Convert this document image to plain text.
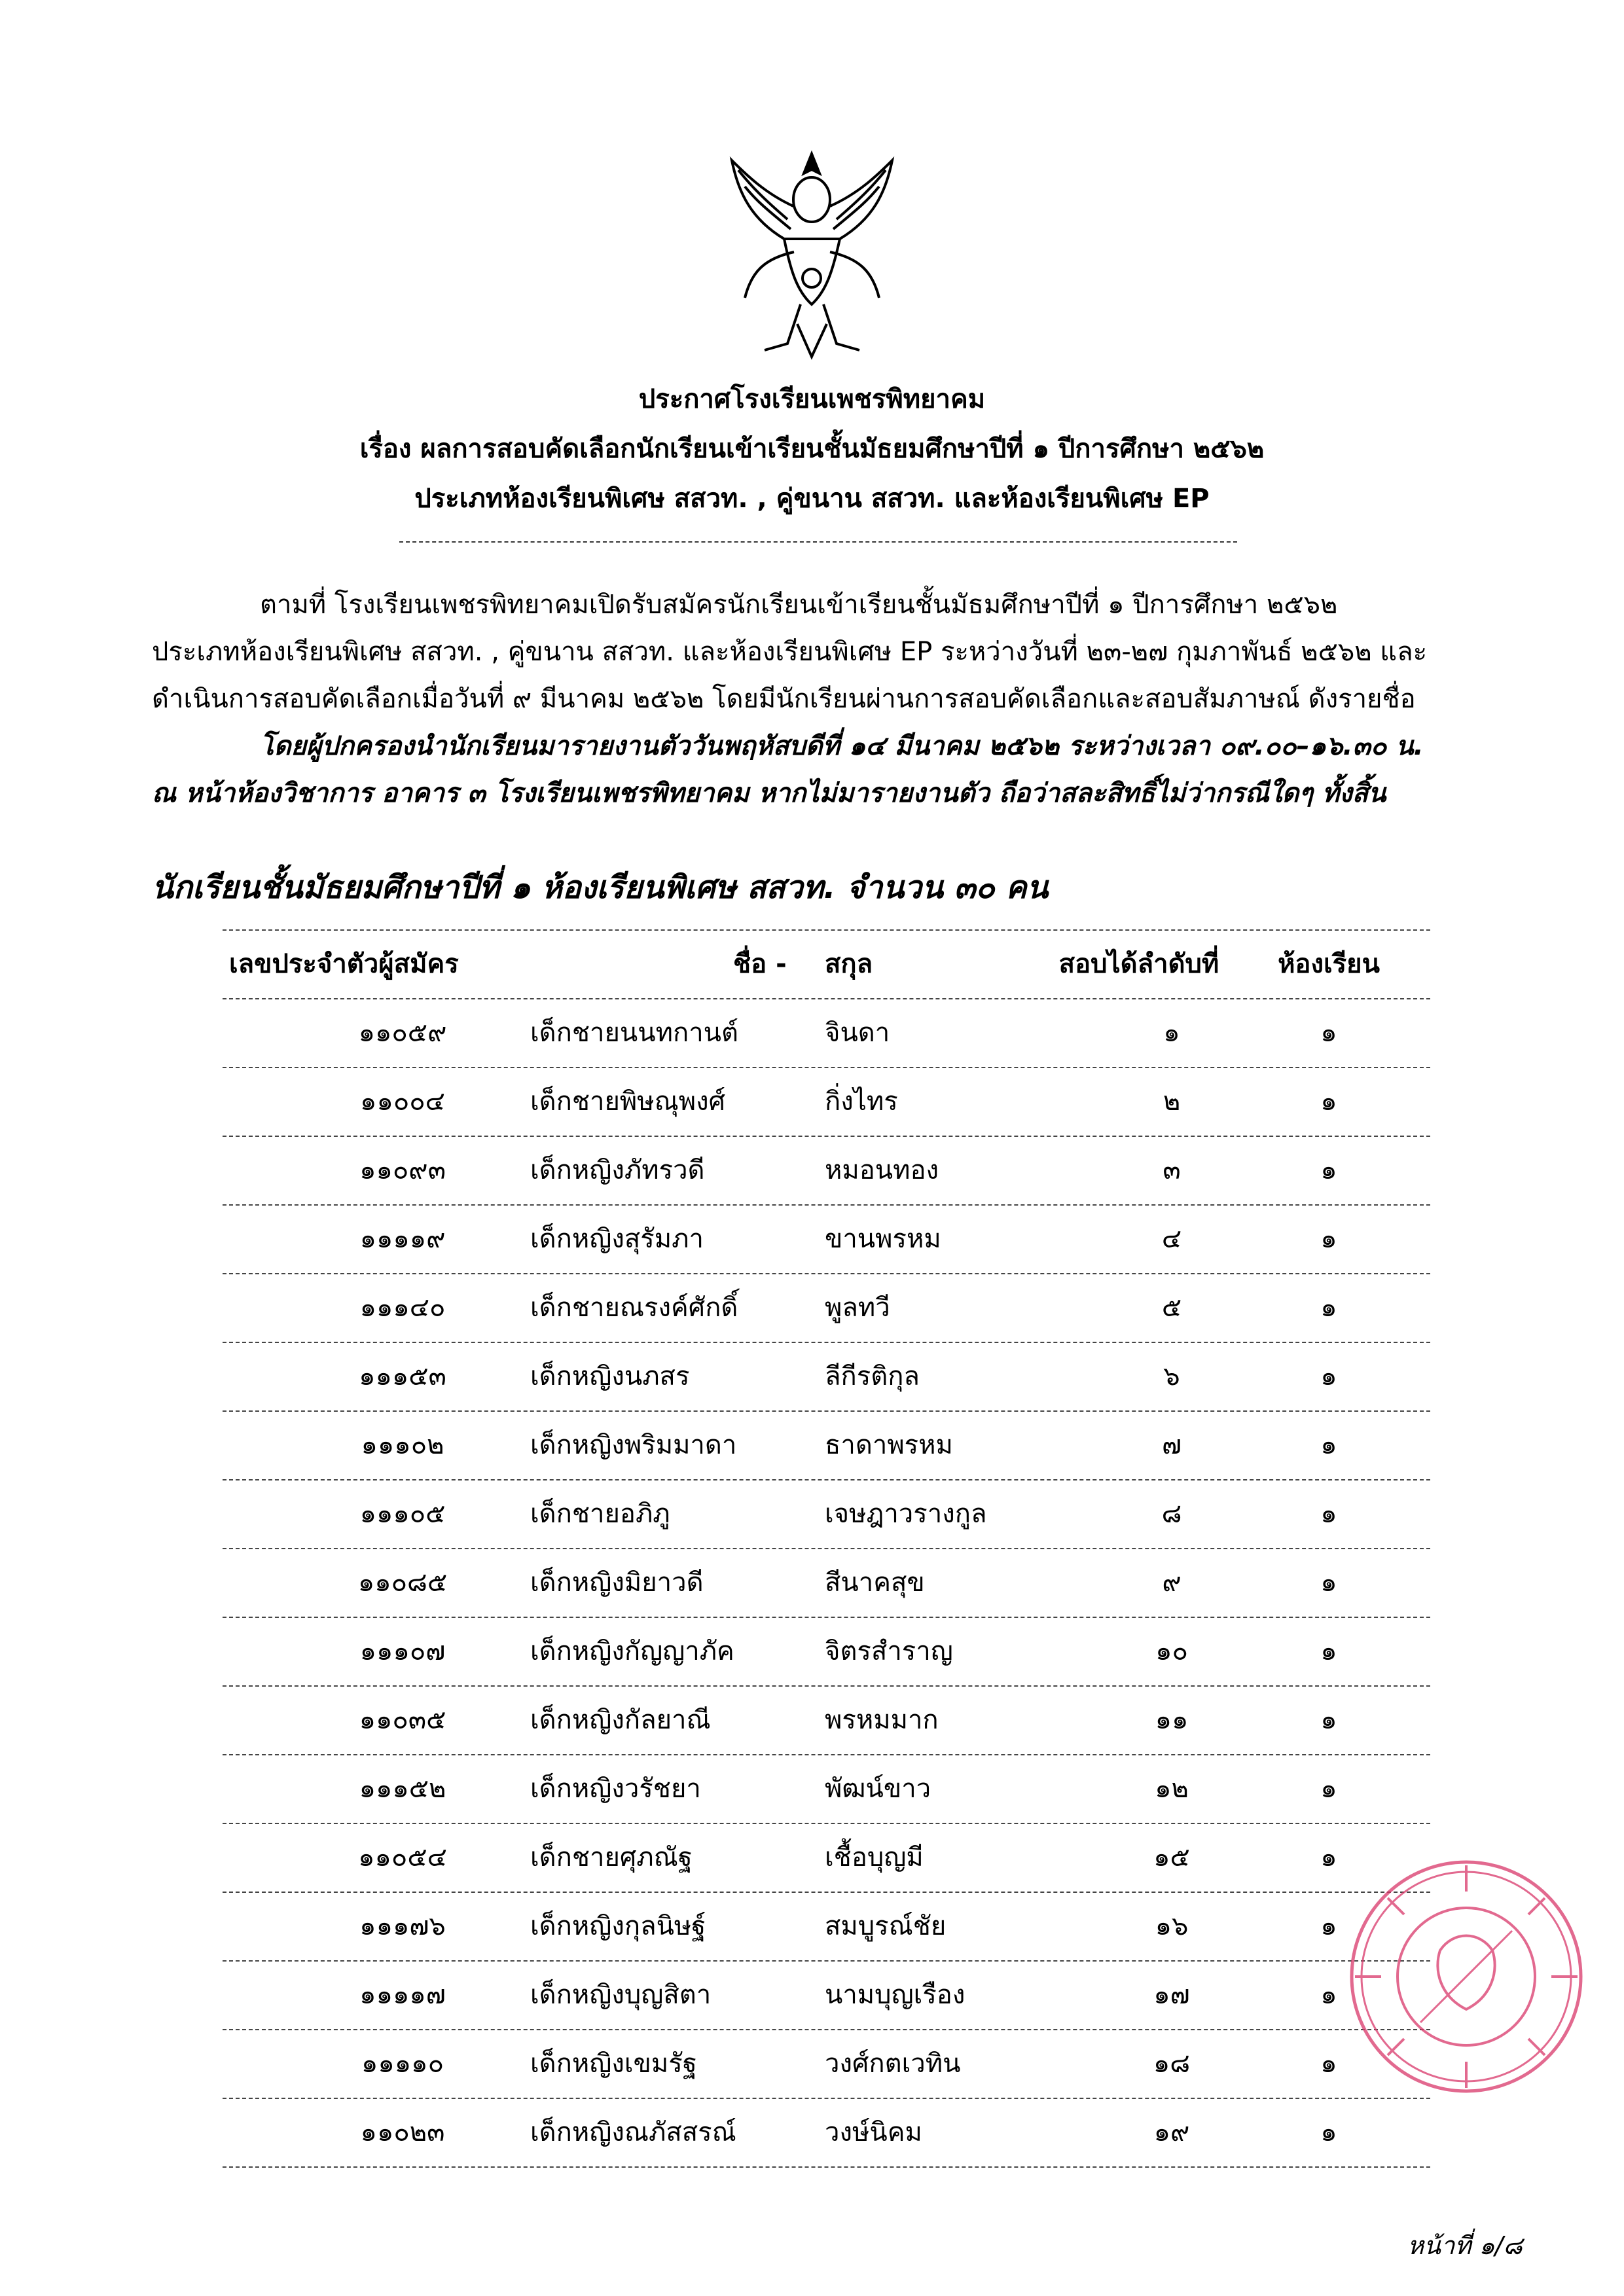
ประกาศโรงเรียนเพชรพิทยาคม
เรื่อง ผลการสอบคัดเลือกนักเรียนเข้าเรียนชั้นมัธยมศึกษาปีที่ ๑ ปีการศึกษา ๒๕๖๒
ประเภทห้องเรียนพิเศษ สสวท. , คู่ขนาน สสวท. และห้องเรียนพิเศษ EP
ตามที่ โรงเรียนเพชรพิทยาคมเปิดรับสมัครนักเรียนเข้าเรียนชั้นมัธมศึกษาปีที่ ๑ ปีการศึกษา ๒๕๖๒
ประเภทห้องเรียนพิเศษ สสวท. , คู่ขนาน สสวท. และห้องเรียนพิเศษ EP ระหว่างวันที่ ๒๓-๒๗ กุมภาพันธ์ ๒๕๖๒ และ
ดำเนินการสอบคัดเลือกเมื่อวันที่ ๙ มีนาคม ๒๕๖๒ โดยมีนักเรียนผ่านการสอบคัดเลือกและสอบสัมภาษณ์ ดังรายชื่อ
โดยผู้ปกครองนำนักเรียนมารายงานตัววันพฤหัสบดีที่ ๑๔ มีนาคม ๒๕๖๒ ระหว่างเวลา ๐๙.๐๐–๑๖.๓๐ น.
ณ หน้าห้องวิชาการ อาคาร ๓ โรงเรียนเพชรพิทยาคม หากไม่มารายงานตัว ถือว่าสละสิทธิ์ไม่ว่ากรณีใดๆ ทั้งสิ้น
นักเรียนชั้นมัธยมศึกษาปีที่ ๑ ห้องเรียนพิเศษ สสวท. จำนวน ๓๐ คน
เลขประจำตัวผู้สมัคร	ชื่อ - สกุล	สอบได้ลำดับที่	ห้องเรียน
๑๑๐๕๙	เด็กชายนนทกานต์	จินดา	๑	๑
๑๑๐๐๔	เด็กชายพิษณุพงศ์	กิ่งไทร	๒	๑
๑๑๐๙๓	เด็กหญิงภัทรวดี	หมอนทอง	๓	๑
๑๑๑๑๙	เด็กหญิงสุรัมภา	ขานพรหม	๔	๑
๑๑๑๔๐	เด็กชายณรงค์ศักดิ์	พูลทวี	๕	๑
๑๑๑๕๓	เด็กหญิงนภสร	ลีกีรติกุล	๖	๑
๑๑๑๐๒	เด็กหญิงพริมมาดา	ธาดาพรหม	๗	๑
๑๑๑๐๕	เด็กชายอภิภู	เจษฎาวรางกูล	๘	๑
๑๑๐๘๕	เด็กหญิงมิยาวดี	สีนาคสุข	๙	๑
๑๑๑๐๗	เด็กหญิงกัญญาภัค	จิตรสำราญ	๑๐	๑
๑๑๐๓๕	เด็กหญิงกัลยาณี	พรหมมาก	๑๑	๑
๑๑๑๕๒	เด็กหญิงวรัชยา	พัฒน์ขาว	๑๒	๑
๑๑๐๕๔	เด็กชายศุภณัฐ	เชื้อบุญมี	๑๕	๑
๑๑๑๗๖	เด็กหญิงกุลนิษฐ์	สมบูรณ์ชัย	๑๖	๑
๑๑๑๑๗	เด็กหญิงบุญสิตา	นามบุญเรือง	๑๗	๑
๑๑๑๑๐	เด็กหญิงเขมรัฐ	วงศ์กตเวทิน	๑๘	๑
๑๑๐๒๓	เด็กหญิงณภัสสรณ์	วงษ์นิคม	๑๙	๑
หน้าที่ ๑/๘
